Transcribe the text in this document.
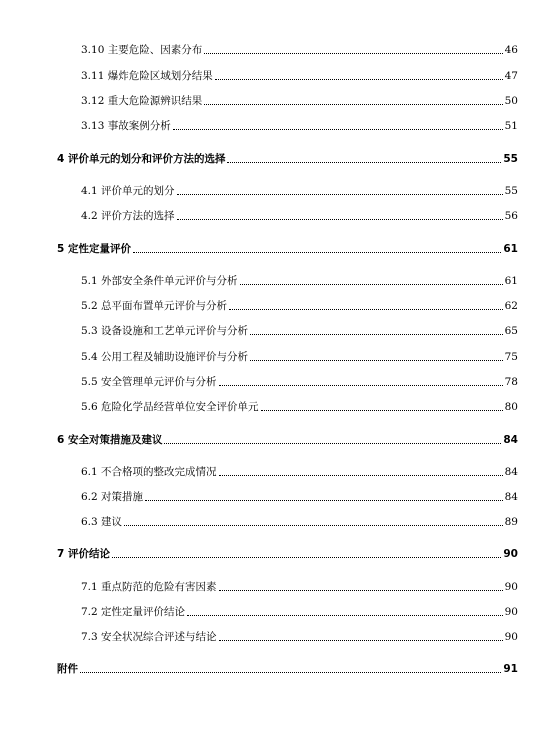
3.10 主要危险、因素分布	46
3.11 爆炸危险区域划分结果	47
3.12 重大危险源辨识结果	50
3.13 事故案例分析	51
4 评价单元的划分和评价方法的选择	55
4.1 评价单元的划分	55
4.2 评价方法的选择	56
5 定性定量评价	61
5.1 外部安全条件单元评价与分析	61
5.2 总平面布置单元评价与分析	62
5.3 设备设施和工艺单元评价与分析	65
5.4 公用工程及辅助设施评价与分析	75
5.5 安全管理单元评价与分析	78
5.6 危险化学品经营单位安全评价单元	80
6 安全对策措施及建议	84
6.1 不合格项的整改完成情况	84
6.2 对策措施	84
6.3 建议	89
7 评价结论	90
7.1 重点防范的危险有害因素	90
7.2 定性定量评价结论	90
7.3 安全状况综合评述与结论	90
附件	91
